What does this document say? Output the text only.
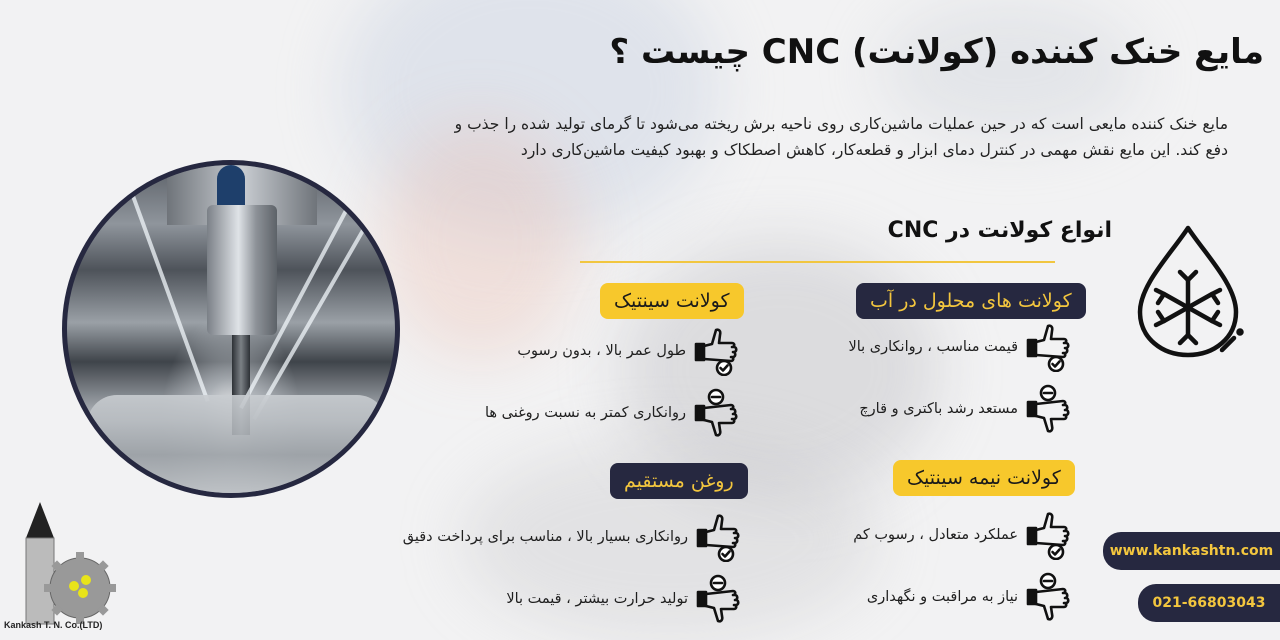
مایع خنک کننده (کولانت) CNC چیست ؟

مایع خنک کننده مایعی است که در حین عملیات ماشین‌کاری روی ناحیه برش ریخته می‌شود تا گرمای تولید شده را جذب و دفع کند. این مایع نقش مهمی در کنترل دمای ابزار و قطعه‌کار، کاهش اصطکاک و بهبود کیفیت ماشین‌کاری دارد

انواع کولانت در CNC
کولانت های محلول در آب
قیمت مناسب ، روانکاری بالا
مستعد رشد باکتری و قارچ
کولانت سینتیک
طول عمر بالا ، بدون رسوب
روانکاری کمتر به نسبت روغنی ها
کولانت نیمه سینتیک
عملکرد متعادل ، رسوب کم
نیاز به مراقبت و نگهداری
روغن مستقیم
روانکاری بسیار بالا ، مناسب برای پرداخت دقیق
تولید حرارت بیشتر ، قیمت بالا
www.kankashtn.com
021-66803043
Kankash T. N. Co.(LTD)
